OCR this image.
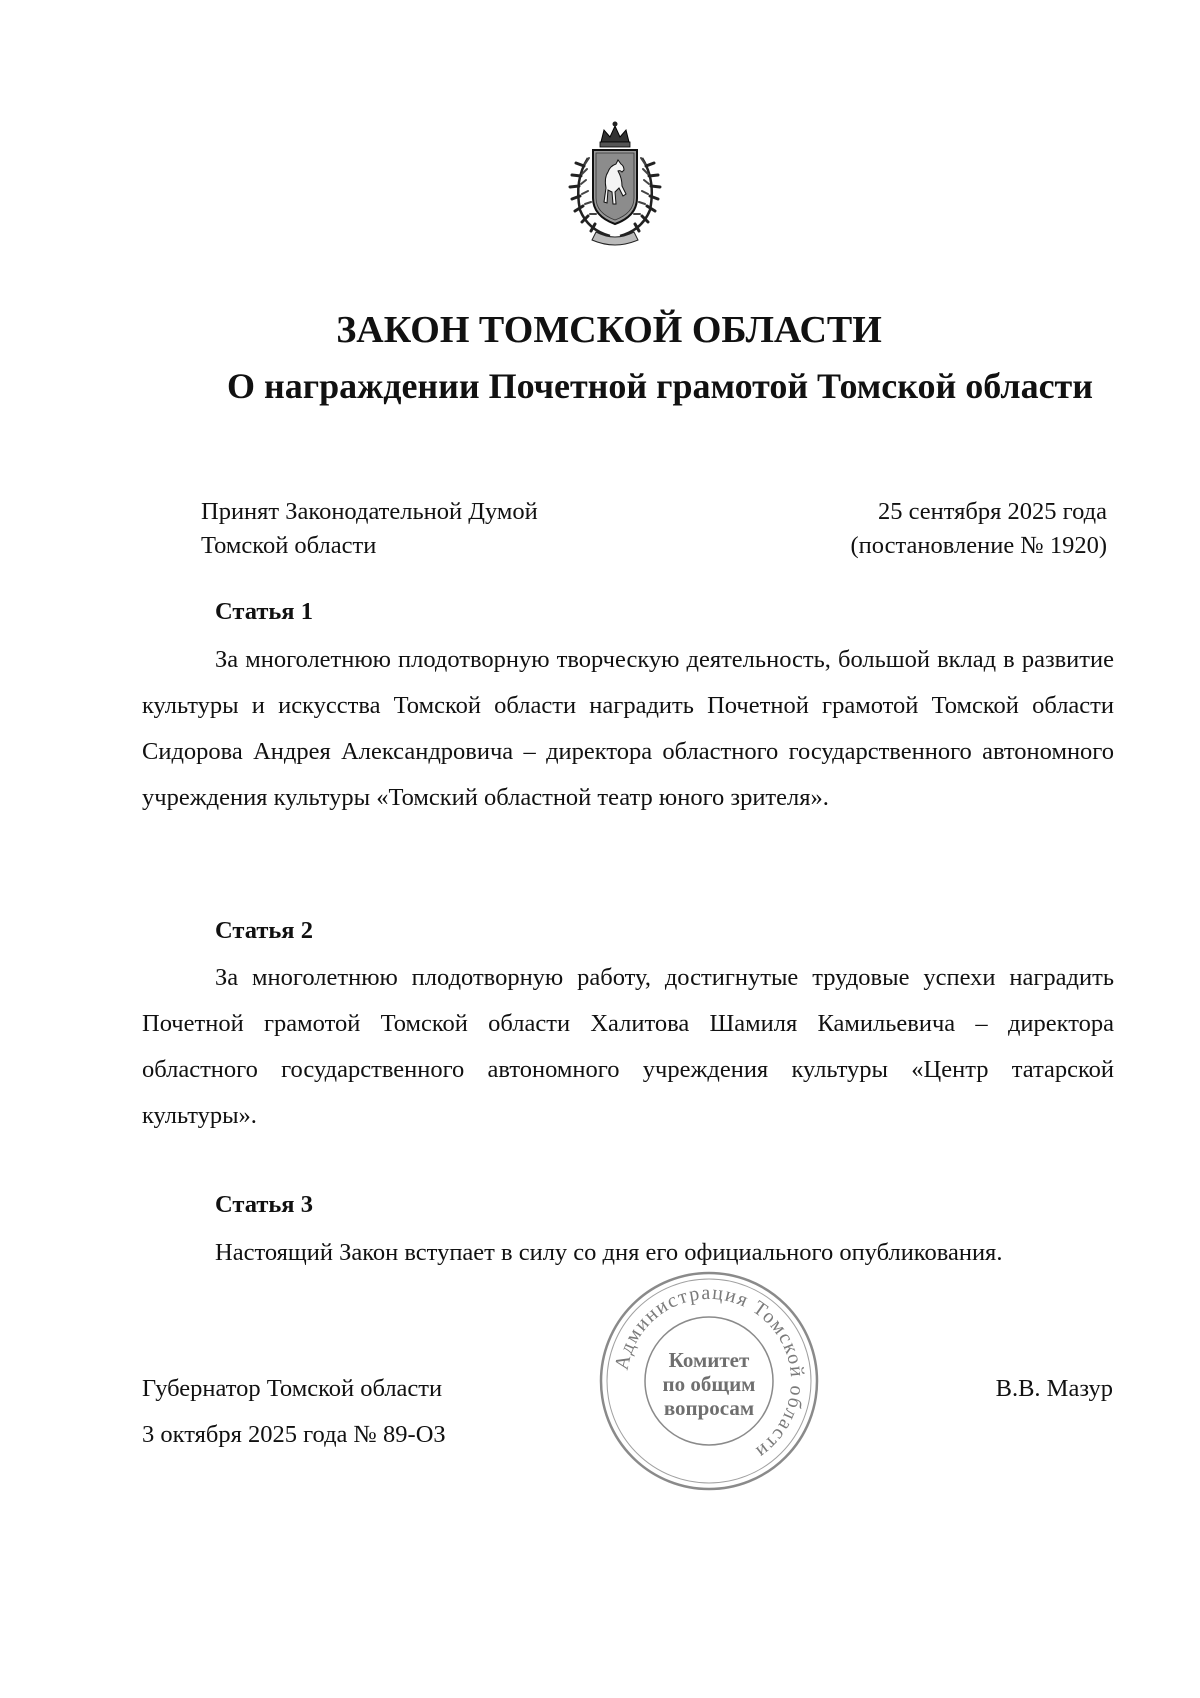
ЗАКОН ТОМСКОЙ ОБЛАСТИ
О награждении Почетной грамотой Томской области
Принят Законодательной Думой
Томской области
25 сентября 2025 года
(постановление № 1920)
Статья 1

За многолетнюю плодотворную творческую деятельность, большой вклад в развитие культуры и искусства Томской области наградить Почетной грамотой Томской области Сидорова Андрея Александровича – директора областного государственного автономного учреждения культуры «Томский областной театр юного зрителя».

Статья 2

За многолетнюю плодотворную работу, достигнутые трудовые успехи наградить Почетной грамотой Томской области Халитова Шамиля Камильевича – директора областного государственного автономного учреждения культуры «Центр татарской культуры».

Статья 3

Настоящий Закон вступает в силу со дня его официального опубликования.

Губернатор Томской области
3 октября 2025 года № 89-ОЗ
В.В. Мазур
Администрация Томской области
Комитет
по общим
вопросам
